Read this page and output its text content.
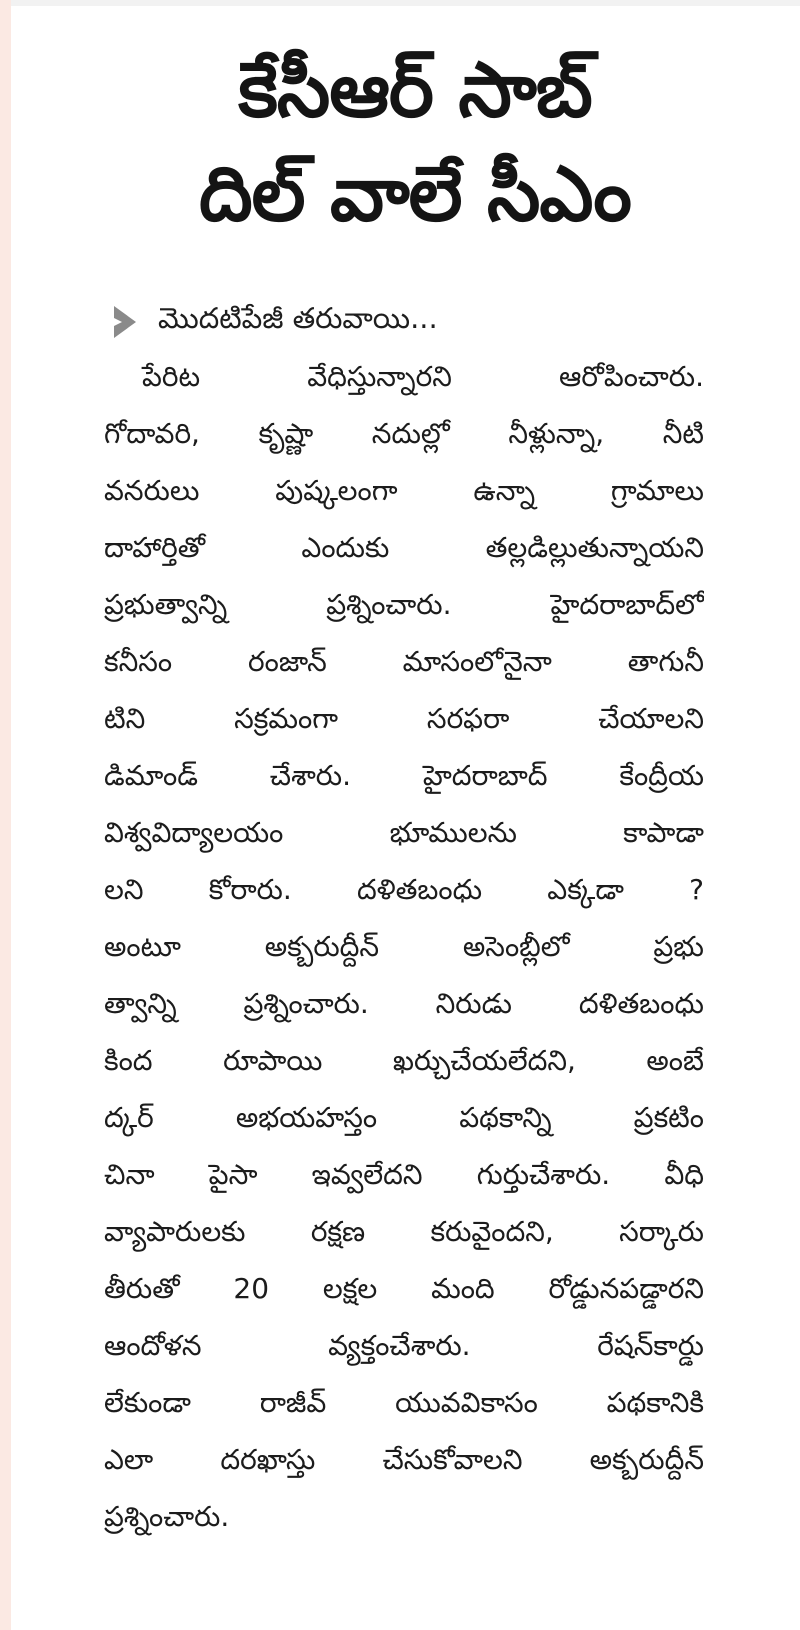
కేసీఆర్ సాబ్
దిల్ వాలే సీఎం
మొదటిపేజీ తరువాయి...
పేరిట	వేధిస్తున్నారని	ఆరోపించారు.
గోదావరి, కృష్ణా నదుల్లో నీళ్లున్నా, నీటి
వనరులు	పుష్కలంగా	ఉన్నా	గ్రామాలు
దాహార్తితో	ఎందుకు	తల్లడిల్లుతున్నాయని
ప్రభుత్వాన్ని	ప్రశ్నించారు.	హైదరాబాద్‌లో
కనీసం	రంజాన్	మాసంలోనైనా	తాగునీ
టిని	సక్రమంగా	సరఫరా	చేయాలని
డిమాండ్	చేశారు.	హైదరాబాద్	కేంద్రీయ
విశ్వవిద్యాలయం	భూములను	కాపాడా
లని కోరారు. దళితబంధు ఎక్కడా ?
అంటూ	అక్బరుద్దీన్	అసెంబ్లీలో	ప్రభు
త్వాన్ని ప్రశ్నించారు. నిరుడు దళితబంధు
కింద	రూపాయి	ఖర్చుచేయలేదని,	అంబే
ద్కర్	అభయహస్తం	పథకాన్ని	ప్రకటిం
చినా పైసా ఇవ్వలేదని గుర్తుచేశారు. వీధి
వ్యాపారులకు రక్షణ కరువైందని, సర్కారు
తీరుతో 20 లక్షల మంది రోడ్డునపడ్డారని
ఆందోళన	వ్యక్తంచేశారు.	రేషన్‌కార్డు
లేకుండా రాజీవ్ యువవికాసం పథకానికి
ఎలా దరఖాస్తు చేసుకోవాలని అక్బరుద్దీన్
ప్రశ్నించారు.
